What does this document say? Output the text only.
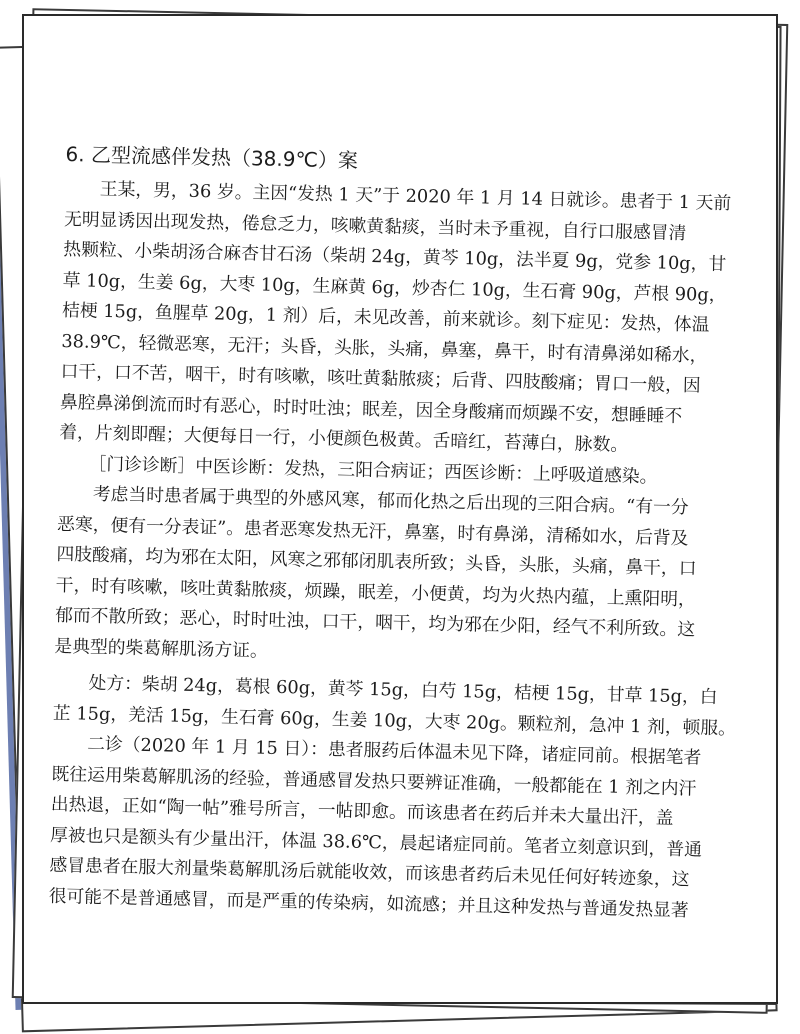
6. 乙型流感伴发热（38.9℃）案
王某，男，36 岁。主因“发热 1 天”于 2020 年 1 月 14 日就诊。患者于 1 天前
无明显诱因出现发热，倦怠乏力，咳嗽黄黏痰，当时未予重视，自行口服感冒清
热颗粒、小柴胡汤合麻杏甘石汤（柴胡 24g，黄芩 10g，法半夏 9g，党参 10g，甘
草 10g，生姜 6g，大枣 10g，生麻黄 6g，炒杏仁 10g，生石膏 90g，芦根 90g，
桔梗 15g，鱼腥草 20g，1 剂）后，未见改善，前来就诊。刻下症见：发热，体温
38.9℃，轻微恶寒，无汗；头昏，头胀，头痛，鼻塞，鼻干，时有清鼻涕如稀水，
口干，口不苦，咽干，时有咳嗽，咳吐黄黏脓痰；后背、四肢酸痛；胃口一般，因
鼻腔鼻涕倒流而时有恶心，时时吐浊；眠差，因全身酸痛而烦躁不安，想睡睡不
着，片刻即醒；大便每日一行，小便颜色极黄。舌暗红，苔薄白，脉数。
［门诊诊断］中医诊断：发热，三阳合病证；西医诊断：上呼吸道感染。
考虑当时患者属于典型的外感风寒，郁而化热之后出现的三阳合病。“有一分
恶寒，便有一分表证”。患者恶寒发热无汗，鼻塞，时有鼻涕，清稀如水，后背及
四肢酸痛，均为邪在太阳，风寒之邪郁闭肌表所致；头昏，头胀，头痛，鼻干，口
干，时有咳嗽，咳吐黄黏脓痰，烦躁，眠差，小便黄，均为火热内蕴，上熏阳明，
郁而不散所致；恶心，时时吐浊，口干，咽干，均为邪在少阳，经气不利所致。这
是典型的柴葛解肌汤方证。
处方：柴胡 24g，葛根 60g，黄芩 15g，白芍 15g，桔梗 15g，甘草 15g，白
芷 15g，羌活 15g，生石膏 60g，生姜 10g，大枣 20g。颗粒剂，急冲 1 剂，顿服。
二诊（2020 年 1 月 15 日）：患者服药后体温未见下降，诸症同前。根据笔者
既往运用柴葛解肌汤的经验，普通感冒发热只要辨证准确，一般都能在 1 剂之内汗
出热退，正如“陶一帖”雅号所言，一帖即愈。而该患者在药后并未大量出汗，盖
厚被也只是额头有少量出汗，体温 38.6℃，晨起诸症同前。笔者立刻意识到，普通
感冒患者在服大剂量柴葛解肌汤后就能收效，而该患者药后未见任何好转迹象，这
很可能不是普通感冒，而是严重的传染病，如流感；并且这种发热与普通发热显著
